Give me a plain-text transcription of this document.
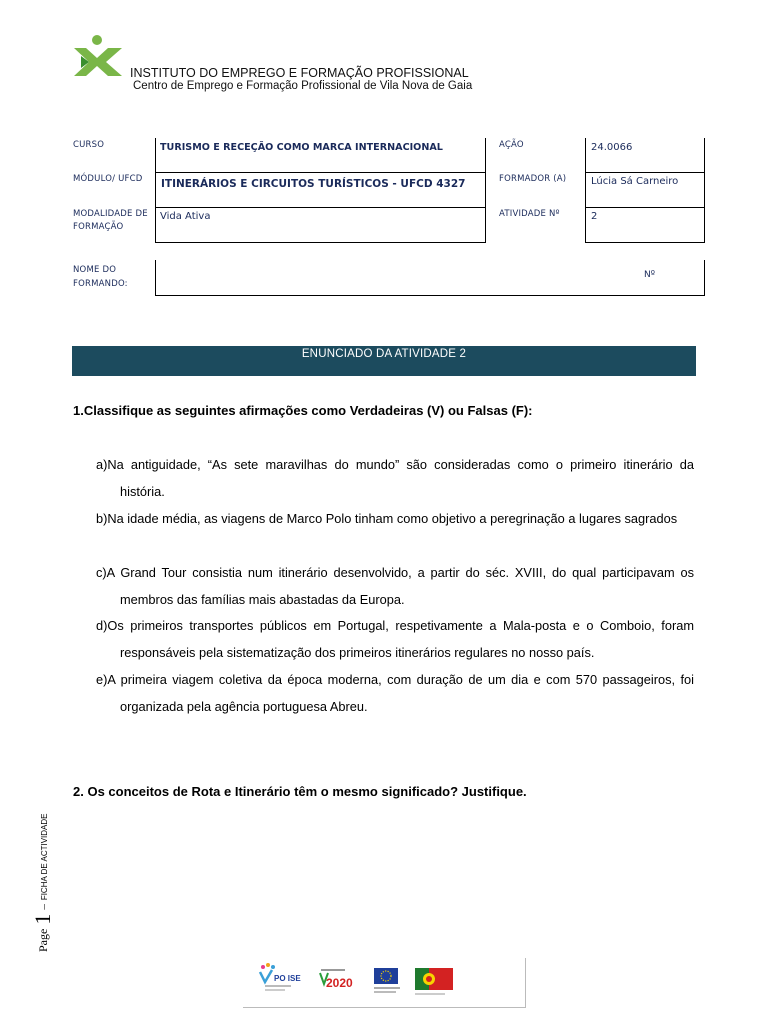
INSTITUTO DO EMPREGO E FORMAÇÃO PROFISSIONAL
Centro de Emprego e Formação Profissional de Vila Nova de Gaia
CURSO
MÓDULO/ UFCD
MODALIDADE DE
FORMAÇÃO
TURISMO E RECEÇÃO COMO MARCA INTERNACIONAL
ITINERÁRIOS E CIRCUITOS TURÍSTICOS - UFCD 4327
Vida Ativa
AÇÃO
FORMADOR (A)
ATIVIDADE Nº
24.0066
Lúcia Sá Carneiro
2
NOME DO
FORMANDO:
Nº
ENUNCIADO DA ATIVIDADE 2
1.Classifique as seguintes afirmações como Verdadeiras (V) ou Falsas (F):
a)Na antiguidade, “As sete maravilhas do mundo” são consideradas como o primeiro itinerário da história.
b)Na idade média, as viagens de Marco Polo tinham como objetivo a peregrinação a lugares sagrados
c)A Grand Tour consistia num itinerário desenvolvido, a partir do séc. XVIII, do qual participavam os membros das famílias mais abastadas da Europa.
d)Os primeiros transportes públicos em Portugal, respetivamente a Mala-posta e o Comboio, foram responsáveis pela sistematização dos primeiros itinerários regulares no nosso país.
e)A primeira viagem coletiva da época moderna, com duração de um dia e com 570 passageiros, foi organizada pela agência portuguesa Abreu.
2. Os conceitos de Rota e Itinerário têm o mesmo significado? Justifique.
Page 1 – FICHA DE ACTIVIDADE
PO ISE 2020
